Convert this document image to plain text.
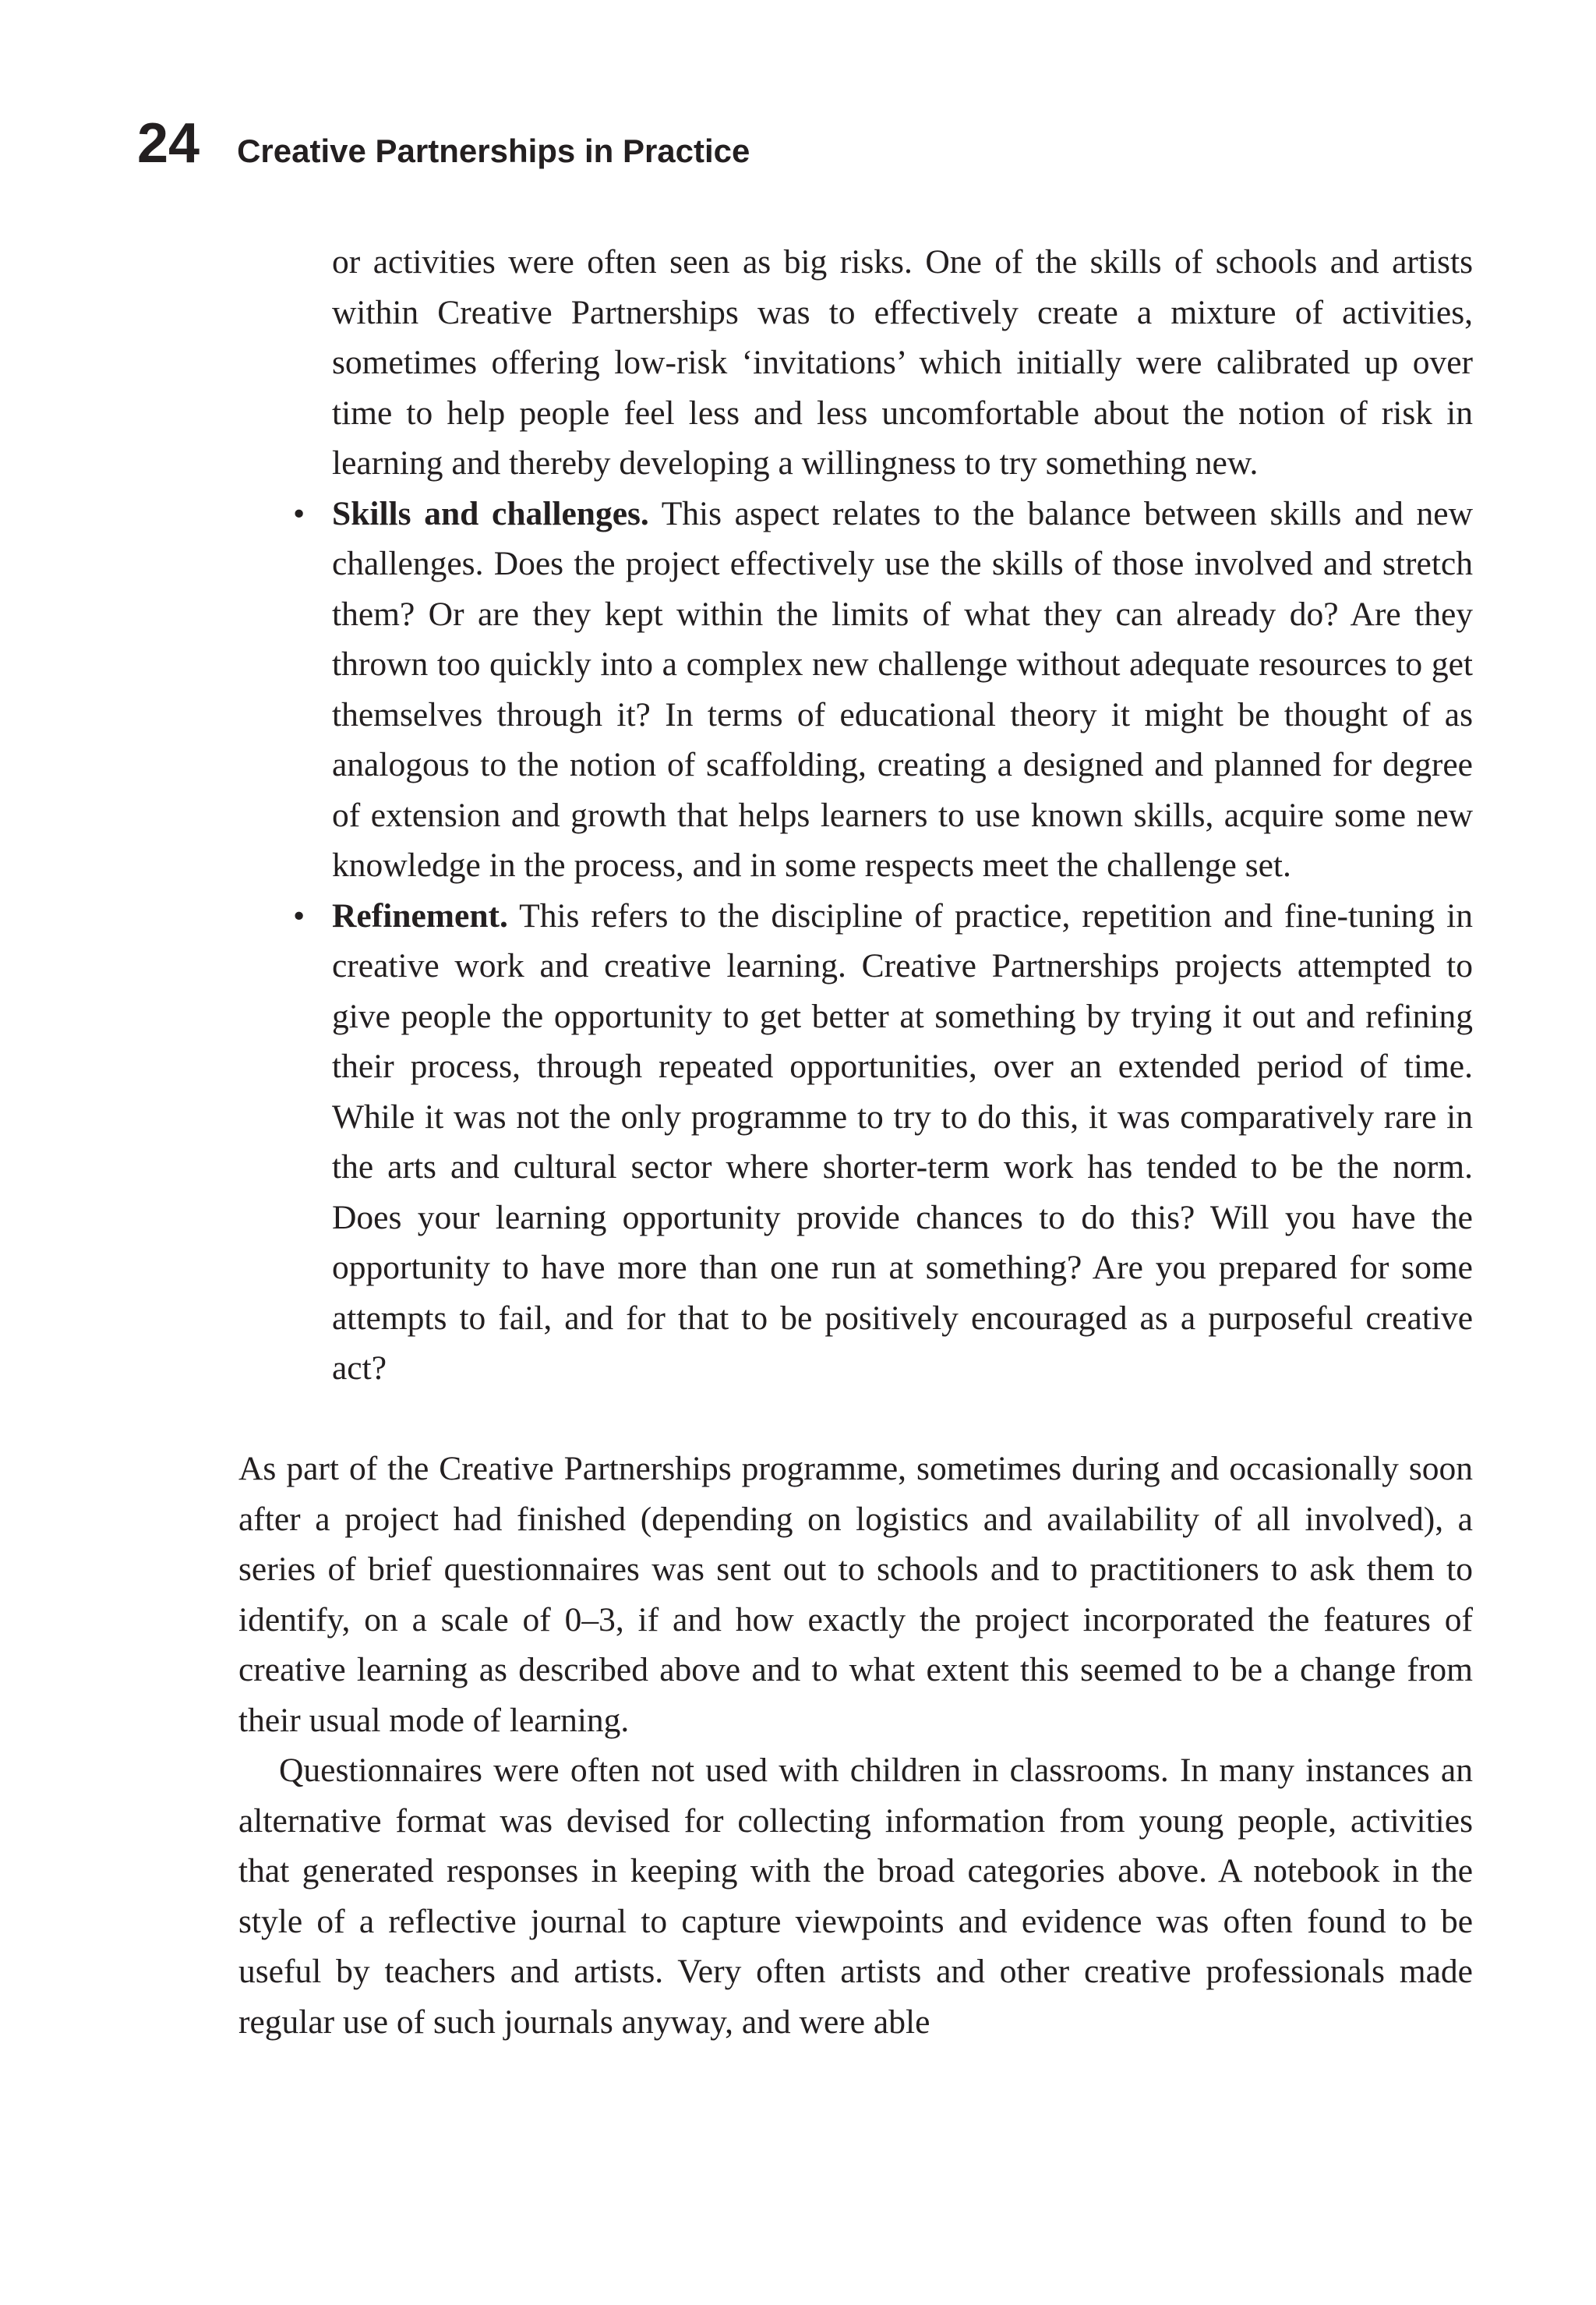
24 Creative Partnerships in Practice

or activities were often seen as big risks. One of the skills of schools and artists within Creative Partnerships was to effectively create a mixture of activities, sometimes offering low-risk ‘invitations’ which initially were calibrated up over time to help people feel less and less uncomfortable about the notion of risk in learning and thereby developing a willingness to try something new.

• Skills and challenges. This aspect relates to the balance between skills and new challenges. Does the project effectively use the skills of those involved and stretch them? Or are they kept within the limits of what they can already do? Are they thrown too quickly into a complex new challenge without adequate resources to get themselves through it? In terms of educational theory it might be thought of as analogous to the notion of scaffolding, creating a designed and planned for degree of extension and growth that helps learners to use known skills, acquire some new knowledge in the process, and in some respects meet the challenge set.
• Refinement. This refers to the discipline of practice, repetition and fine-tuning in creative work and creative learning. Creative Partnerships projects attempted to give people the opportunity to get better at something by trying it out and refining their process, through repeated opportunities, over an extended period of time. While it was not the only programme to try to do this, it was comparatively rare in the arts and cultural sector where shorter-term work has tended to be the norm. Does your learning opportunity provide chances to do this? Will you have the opportunity to have more than one run at something? Are you prepared for some attempts to fail, and for that to be positively encouraged as a purposeful creative act?

As part of the Creative Partnerships programme, sometimes during and occasionally soon after a project had finished (depending on logistics and availability of all involved), a series of brief questionnaires was sent out to schools and to practitioners to ask them to identify, on a scale of 0–3, if and how exactly the project incorporated the features of creative learning as described above and to what extent this seemed to be a change from their usual mode of learning.

Questionnaires were often not used with children in classrooms. In many instances an alternative format was devised for collecting information from young people, activities that generated responses in keeping with the broad categories above. A notebook in the style of a reflective journal to capture viewpoints and evidence was often found to be useful by teachers and artists. Very often artists and other creative professionals made regular use of such journals anyway, and were able
